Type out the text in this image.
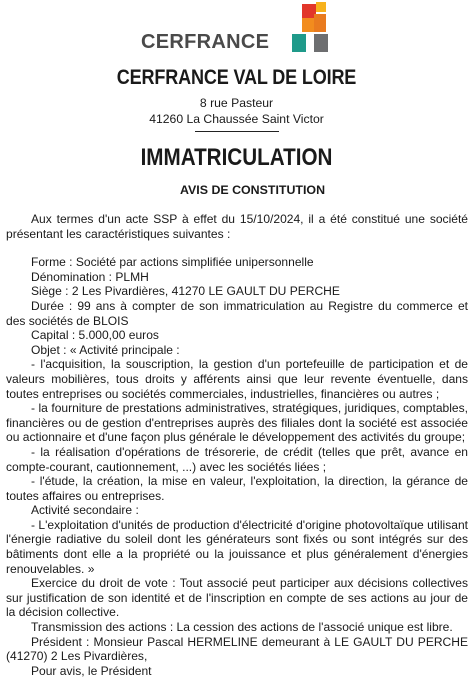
CERFRANCE
CERFRANCE VAL DE LOIRE
8 rue Pasteur
41260 La Chaussée Saint Victor
IMMATRICULATION
AVIS DE CONSTITUTION

Aux termes d'un acte SSP à effet du 15/10/2024, il a été constitué une société présentant les caractéristiques suivantes :

Forme : Société par actions simplifiée unipersonnelle

Dénomination : PLMH

Siège : 2 Les Pivardières, 41270 LE GAULT DU PERCHE

Durée : 99 ans à compter de son immatriculation au Registre du commerce et des sociétés de BLOIS

Capital : 5.000,00 euros

Objet : « Activité principale :

- l'acquisition, la souscription, la gestion d'un portefeuille de participation et de valeurs mobilières, tous droits y afférents ainsi que leur revente éventuelle, dans toutes entreprises ou sociétés commerciales, industrielles, financières ou autres ;

- la fourniture de prestations administratives, stratégiques, juridiques, comptables, financières ou de gestion d'entreprises auprès des filiales dont la société est associée ou actionnaire et d'une façon plus générale le développement des activités du groupe;

- la réalisation d'opérations de trésorerie, de crédit (telles que prêt, avance en compte-courant, cautionnement, ...) avec les sociétés liées ;

- l'étude, la création, la mise en valeur, l'exploitation, la direction, la gérance de toutes affaires ou entreprises.

Activité secondaire :

- L'exploitation d'unités de production d'électricité d'origine photovoltaïque utilisant l'énergie radiative du soleil dont les générateurs sont fixés ou sont intégrés sur des bâtiments dont elle a la propriété ou la jouissance et plus généralement d'énergies renouvelables. »

Exercice du droit de vote : Tout associé peut participer aux décisions collectives sur justification de son identité et de l'inscription en compte de ses actions au jour de la décision collective.

Transmission des actions : La cession des actions de l'associé unique est libre.

Président : Monsieur Pascal HERMELINE demeurant à LE GAULT DU PERCHE (41270) 2 Les Pivardières,

Pour avis, le Président
